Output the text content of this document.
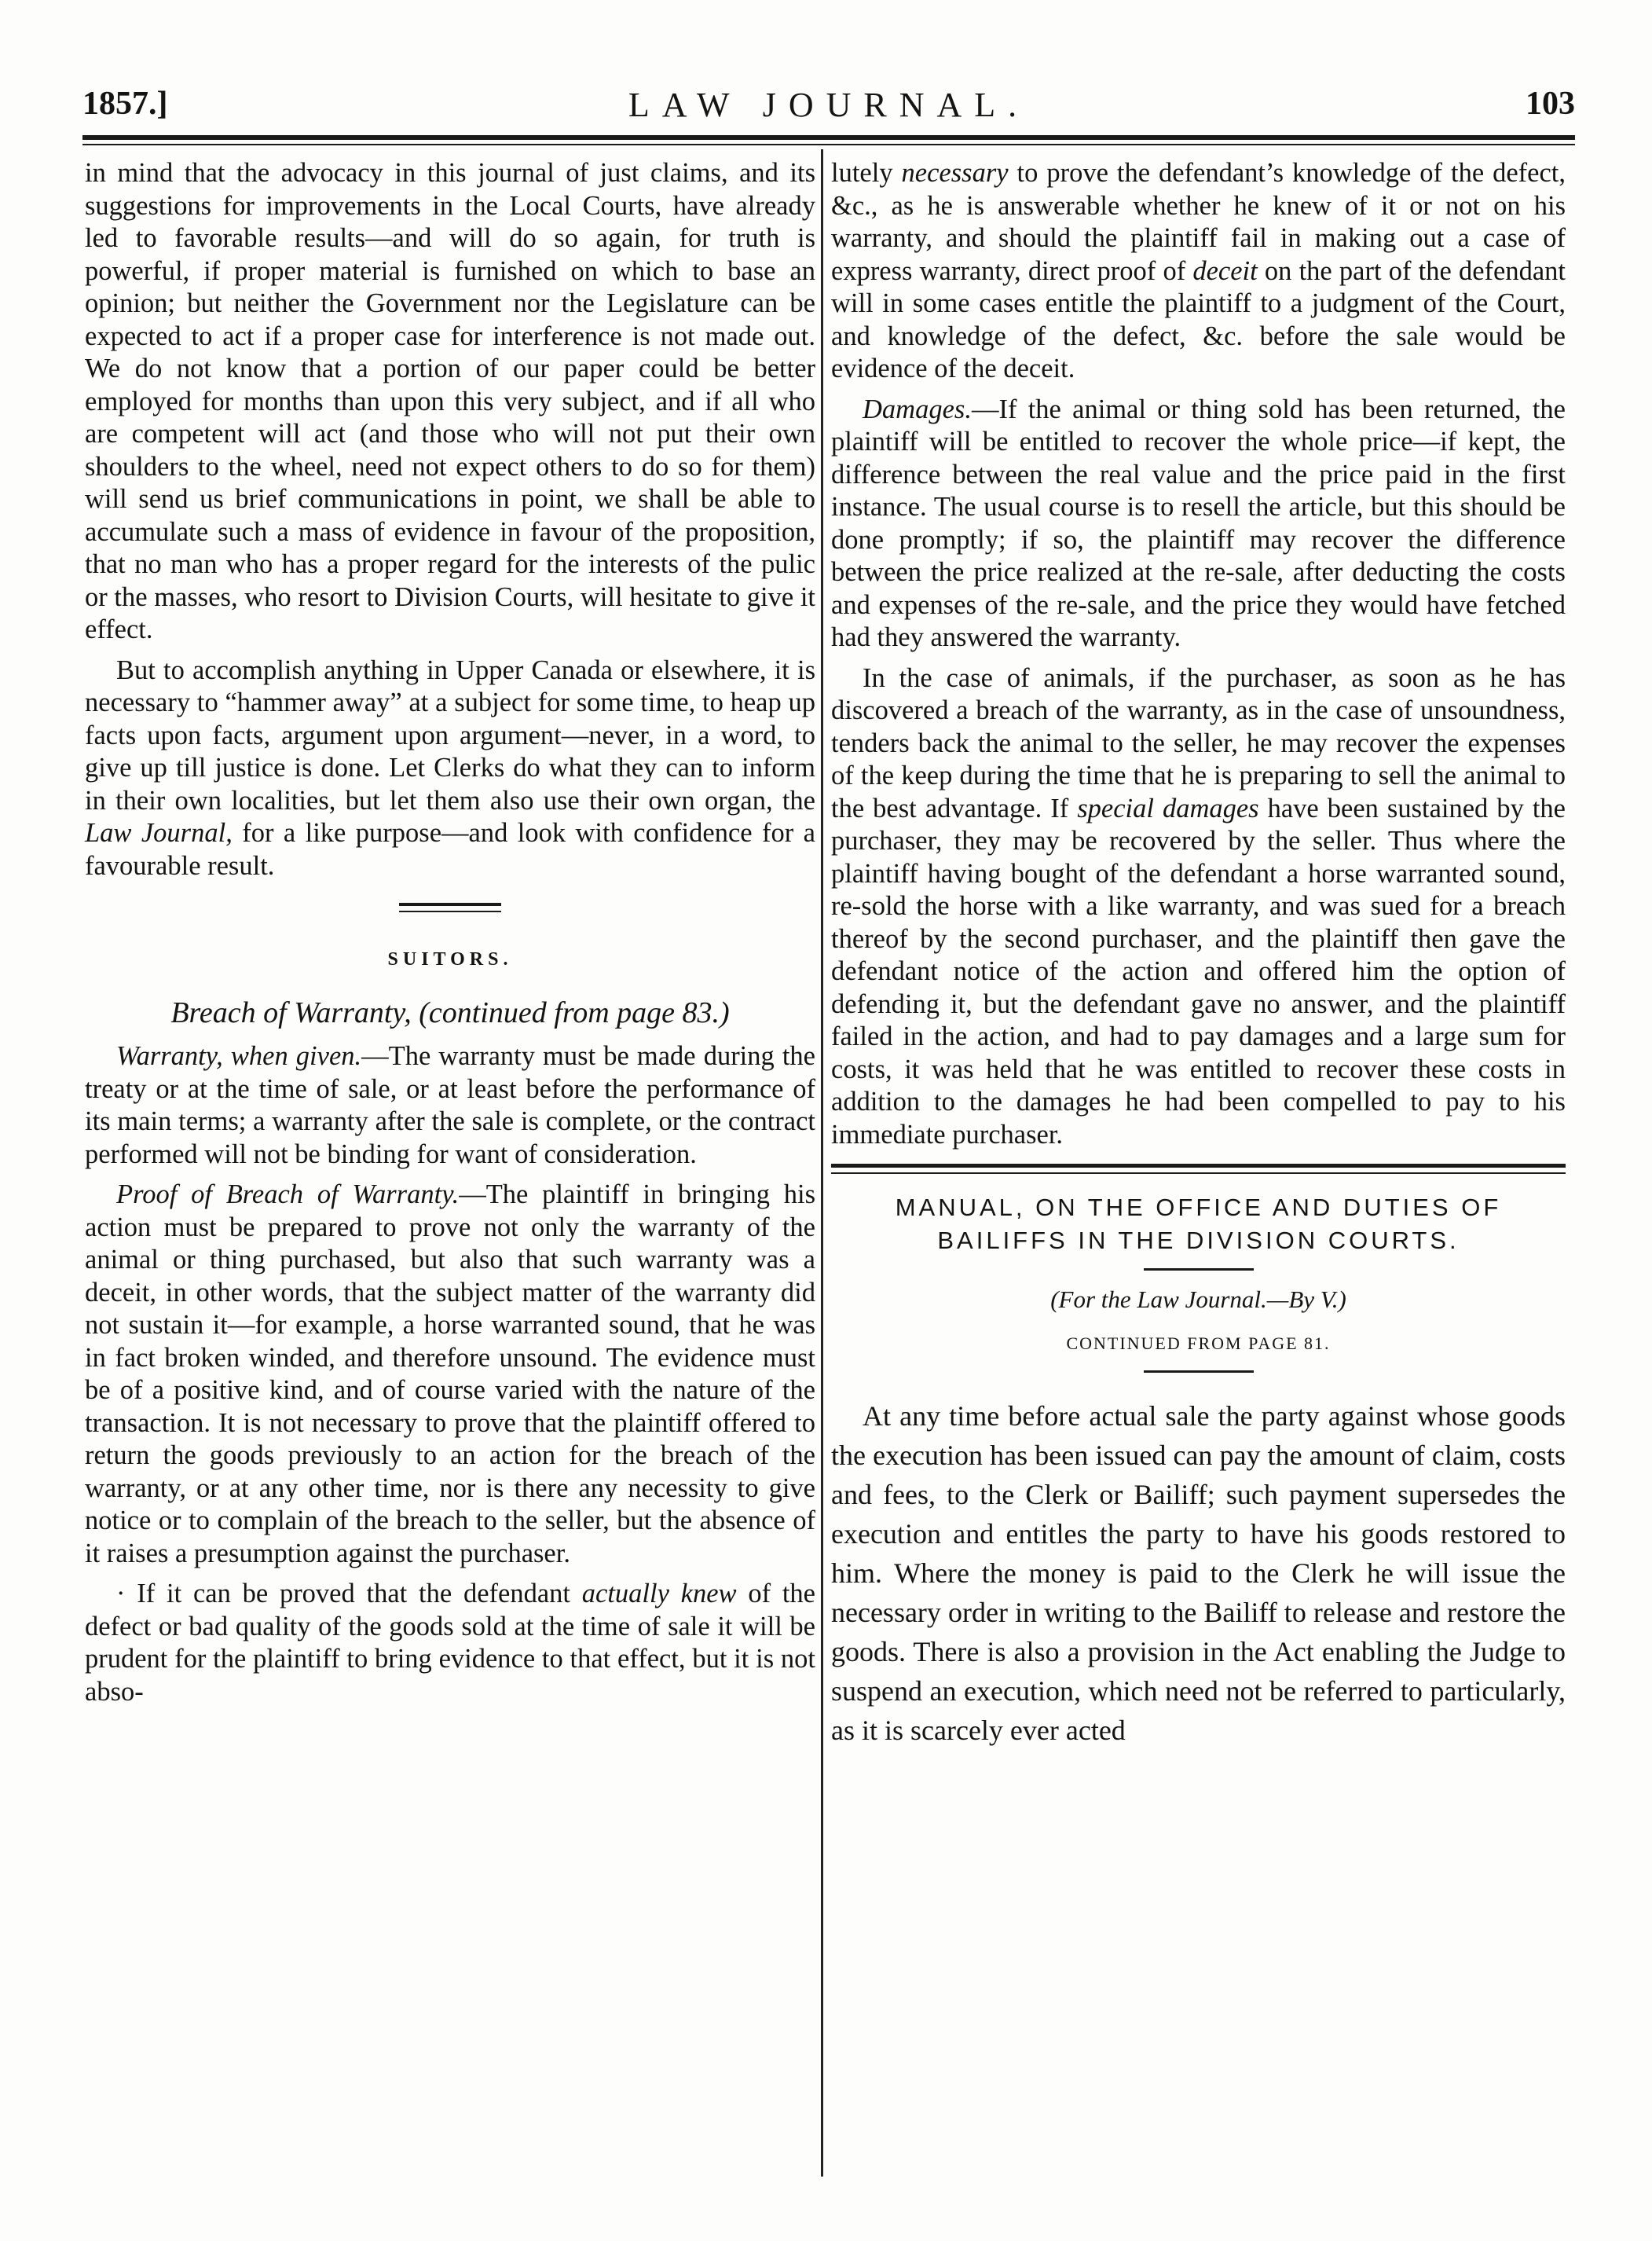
1857.]	LAW JOURNAL.	103

in mind that the advocacy in this journal of just claims, and its suggestions for improvements in the Local Courts, have already led to favorable results—and will do so again, for truth is powerful, if proper material is furnished on which to base an opinion; but neither the Government nor the Legislature can be expected to act if a proper case for interference is not made out. We do not know that a portion of our paper could be better employed for months than upon this very subject, and if all who are competent will act (and those who will not put their own shoulders to the wheel, need not expect others to do so for them) will send us brief communications in point, we shall be able to accumulate such a mass of evidence in favour of the proposition, that no man who has a proper regard for the interests of the pulic or the masses, who resort to Division Courts, will hesitate to give it effect.

But to accomplish anything in Upper Canada or elsewhere, it is necessary to “hammer away” at a subject for some time, to heap up facts upon facts, argument upon argument—never, in a word, to give up till justice is done. Let Clerks do what they can to inform in their own localities, but let them also use their own organ, the Law Journal, for a like purpose—and look with confidence for a favourable result.

SUITORS.
Breach of Warranty, (continued from page 83.)

Warranty, when given.—The warranty must be made during the treaty or at the time of sale, or at least before the performance of its main terms; a warranty after the sale is complete, or the contract performed will not be binding for want of consideration.

Proof of Breach of Warranty.—The plaintiff in bringing his action must be prepared to prove not only the warranty of the animal or thing purchased, but also that such warranty was a deceit, in other words, that the subject matter of the warranty did not sustain it—for example, a horse warranted sound, that he was in fact broken winded, and therefore unsound. The evidence must be of a positive kind, and of course varied with the nature of the transaction. It is not necessary to prove that the plaintiff offered to return the goods previously to an action for the breach of the warranty, or at any other time, nor is there any necessity to give notice or to complain of the breach to the seller, but the absence of it raises a presumption against the purchaser.

· If it can be proved that the defendant actually knew of the defect or bad quality of the goods sold at the time of sale it will be prudent for the plaintiff to bring evidence to that effect, but it is not abso-

lutely necessary to prove the defendant’s knowledge of the defect, &c., as he is answerable whether he knew of it or not on his warranty, and should the plaintiff fail in making out a case of express warranty, direct proof of deceit on the part of the defendant will in some cases entitle the plaintiff to a judgment of the Court, and knowledge of the defect, &c. before the sale would be evidence of the deceit.

Damages.—If the animal or thing sold has been returned, the plaintiff will be entitled to recover the whole price—if kept, the difference between the real value and the price paid in the first instance. The usual course is to resell the article, but this should be done promptly; if so, the plaintiff may recover the difference between the price realized at the re-sale, after deducting the costs and expenses of the re-sale, and the price they would have fetched had they answered the warranty.

In the case of animals, if the purchaser, as soon as he has discovered a breach of the warranty, as in the case of unsoundness, tenders back the animal to the seller, he may recover the expenses of the keep during the time that he is preparing to sell the animal to the best advantage. If special damages have been sustained by the purchaser, they may be recovered by the seller. Thus where the plaintiff having bought of the defendant a horse warranted sound, re-sold the horse with a like warranty, and was sued for a breach thereof by the second purchaser, and the plaintiff then gave the defendant notice of the action and offered him the option of defending it, but the defendant gave no answer, and the plaintiff failed in the action, and had to pay damages and a large sum for costs, it was held that he was entitled to recover these costs in addition to the damages he had been compelled to pay to his immediate purchaser.

MANUAL, ON THE OFFICE AND DUTIES OF
BAILIFFS IN THE DIVISION COURTS.
(For the Law Journal.—By V.)
CONTINUED FROM PAGE 81.

At any time before actual sale the party against whose goods the execution has been issued can pay the amount of claim, costs and fees, to the Clerk or Bailiff; such payment supersedes the execution and entitles the party to have his goods restored to him. Where the money is paid to the Clerk he will issue the necessary order in writing to the Bailiff to release and restore the goods. There is also a provision in the Act enabling the Judge to suspend an execution, which need not be referred to particularly, as it is scarcely ever acted
